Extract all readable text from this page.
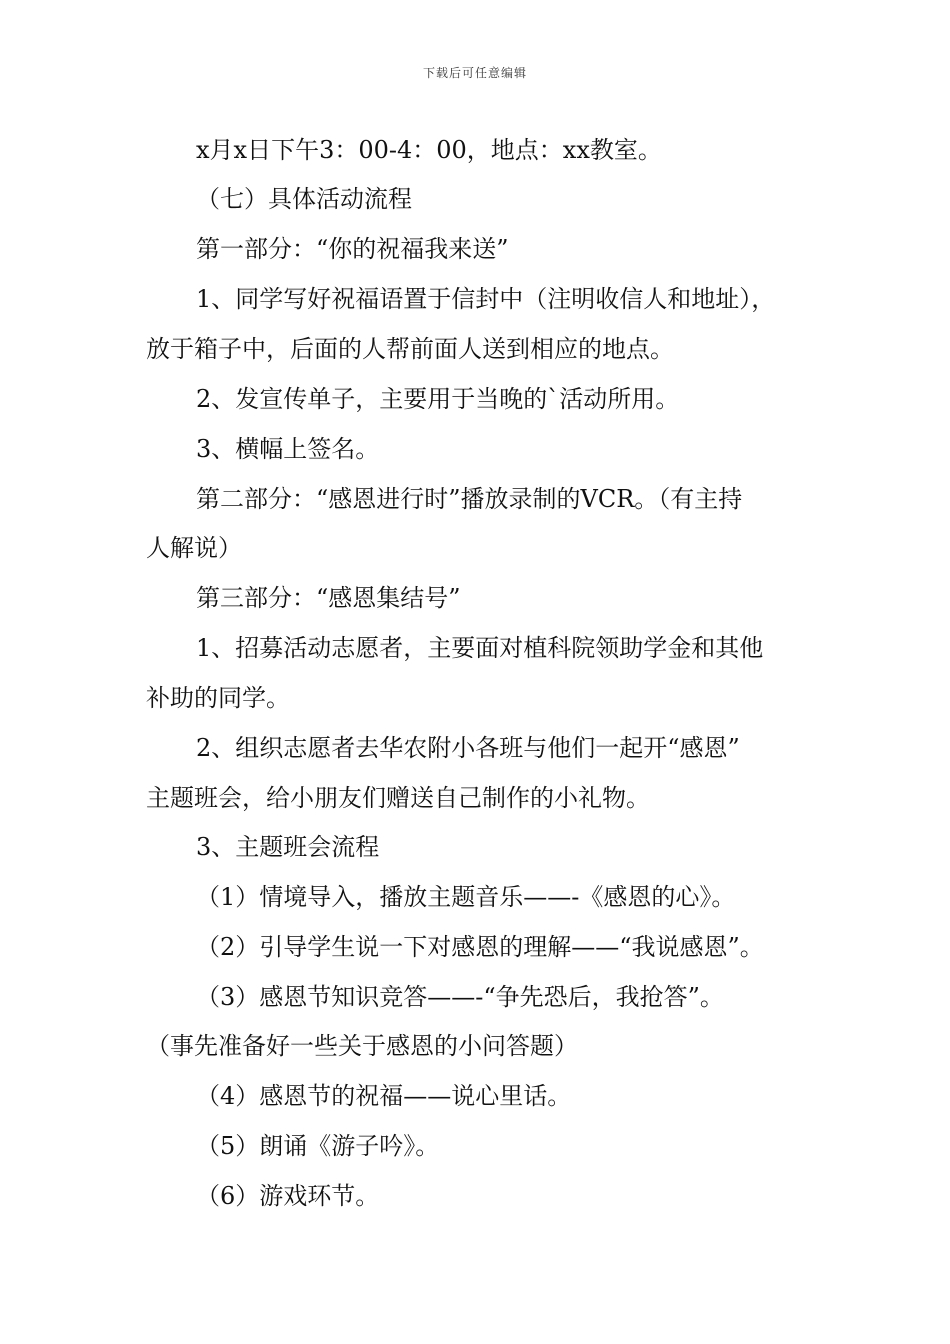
下载后可任意编辑
x月x日下午3：00-4：00，地点：xx教室。
（七）具体活动流程
第一部分：“你的祝福我来送”
1、同学写好祝福语置于信封中（注明收信人和地址），
放于箱子中，后面的人帮前面人送到相应的地点。
2、发宣传单子，主要用于当晚的`活动所用。
3、横幅上签名。
第二部分：“感恩进行时”播放录制的VCR。（有主持
人解说）
第三部分：“感恩集结号”
1、招募活动志愿者，主要面对植科院领助学金和其他
补助的同学。
2、组织志愿者去华农附小各班与他们一起开“感恩”
主题班会，给小朋友们赠送自己制作的小礼物。
3、主题班会流程
（1）情境导入，播放主题音乐——-《感恩的心》。
（2）引导学生说一下对感恩的理解——“我说感恩”。
（3）感恩节知识竞答——-“争先恐后，我抢答”。
（事先准备好一些关于感恩的小问答题）
（4）感恩节的祝福——说心里话。
（5）朗诵《游子吟》。
（6）游戏环节。
